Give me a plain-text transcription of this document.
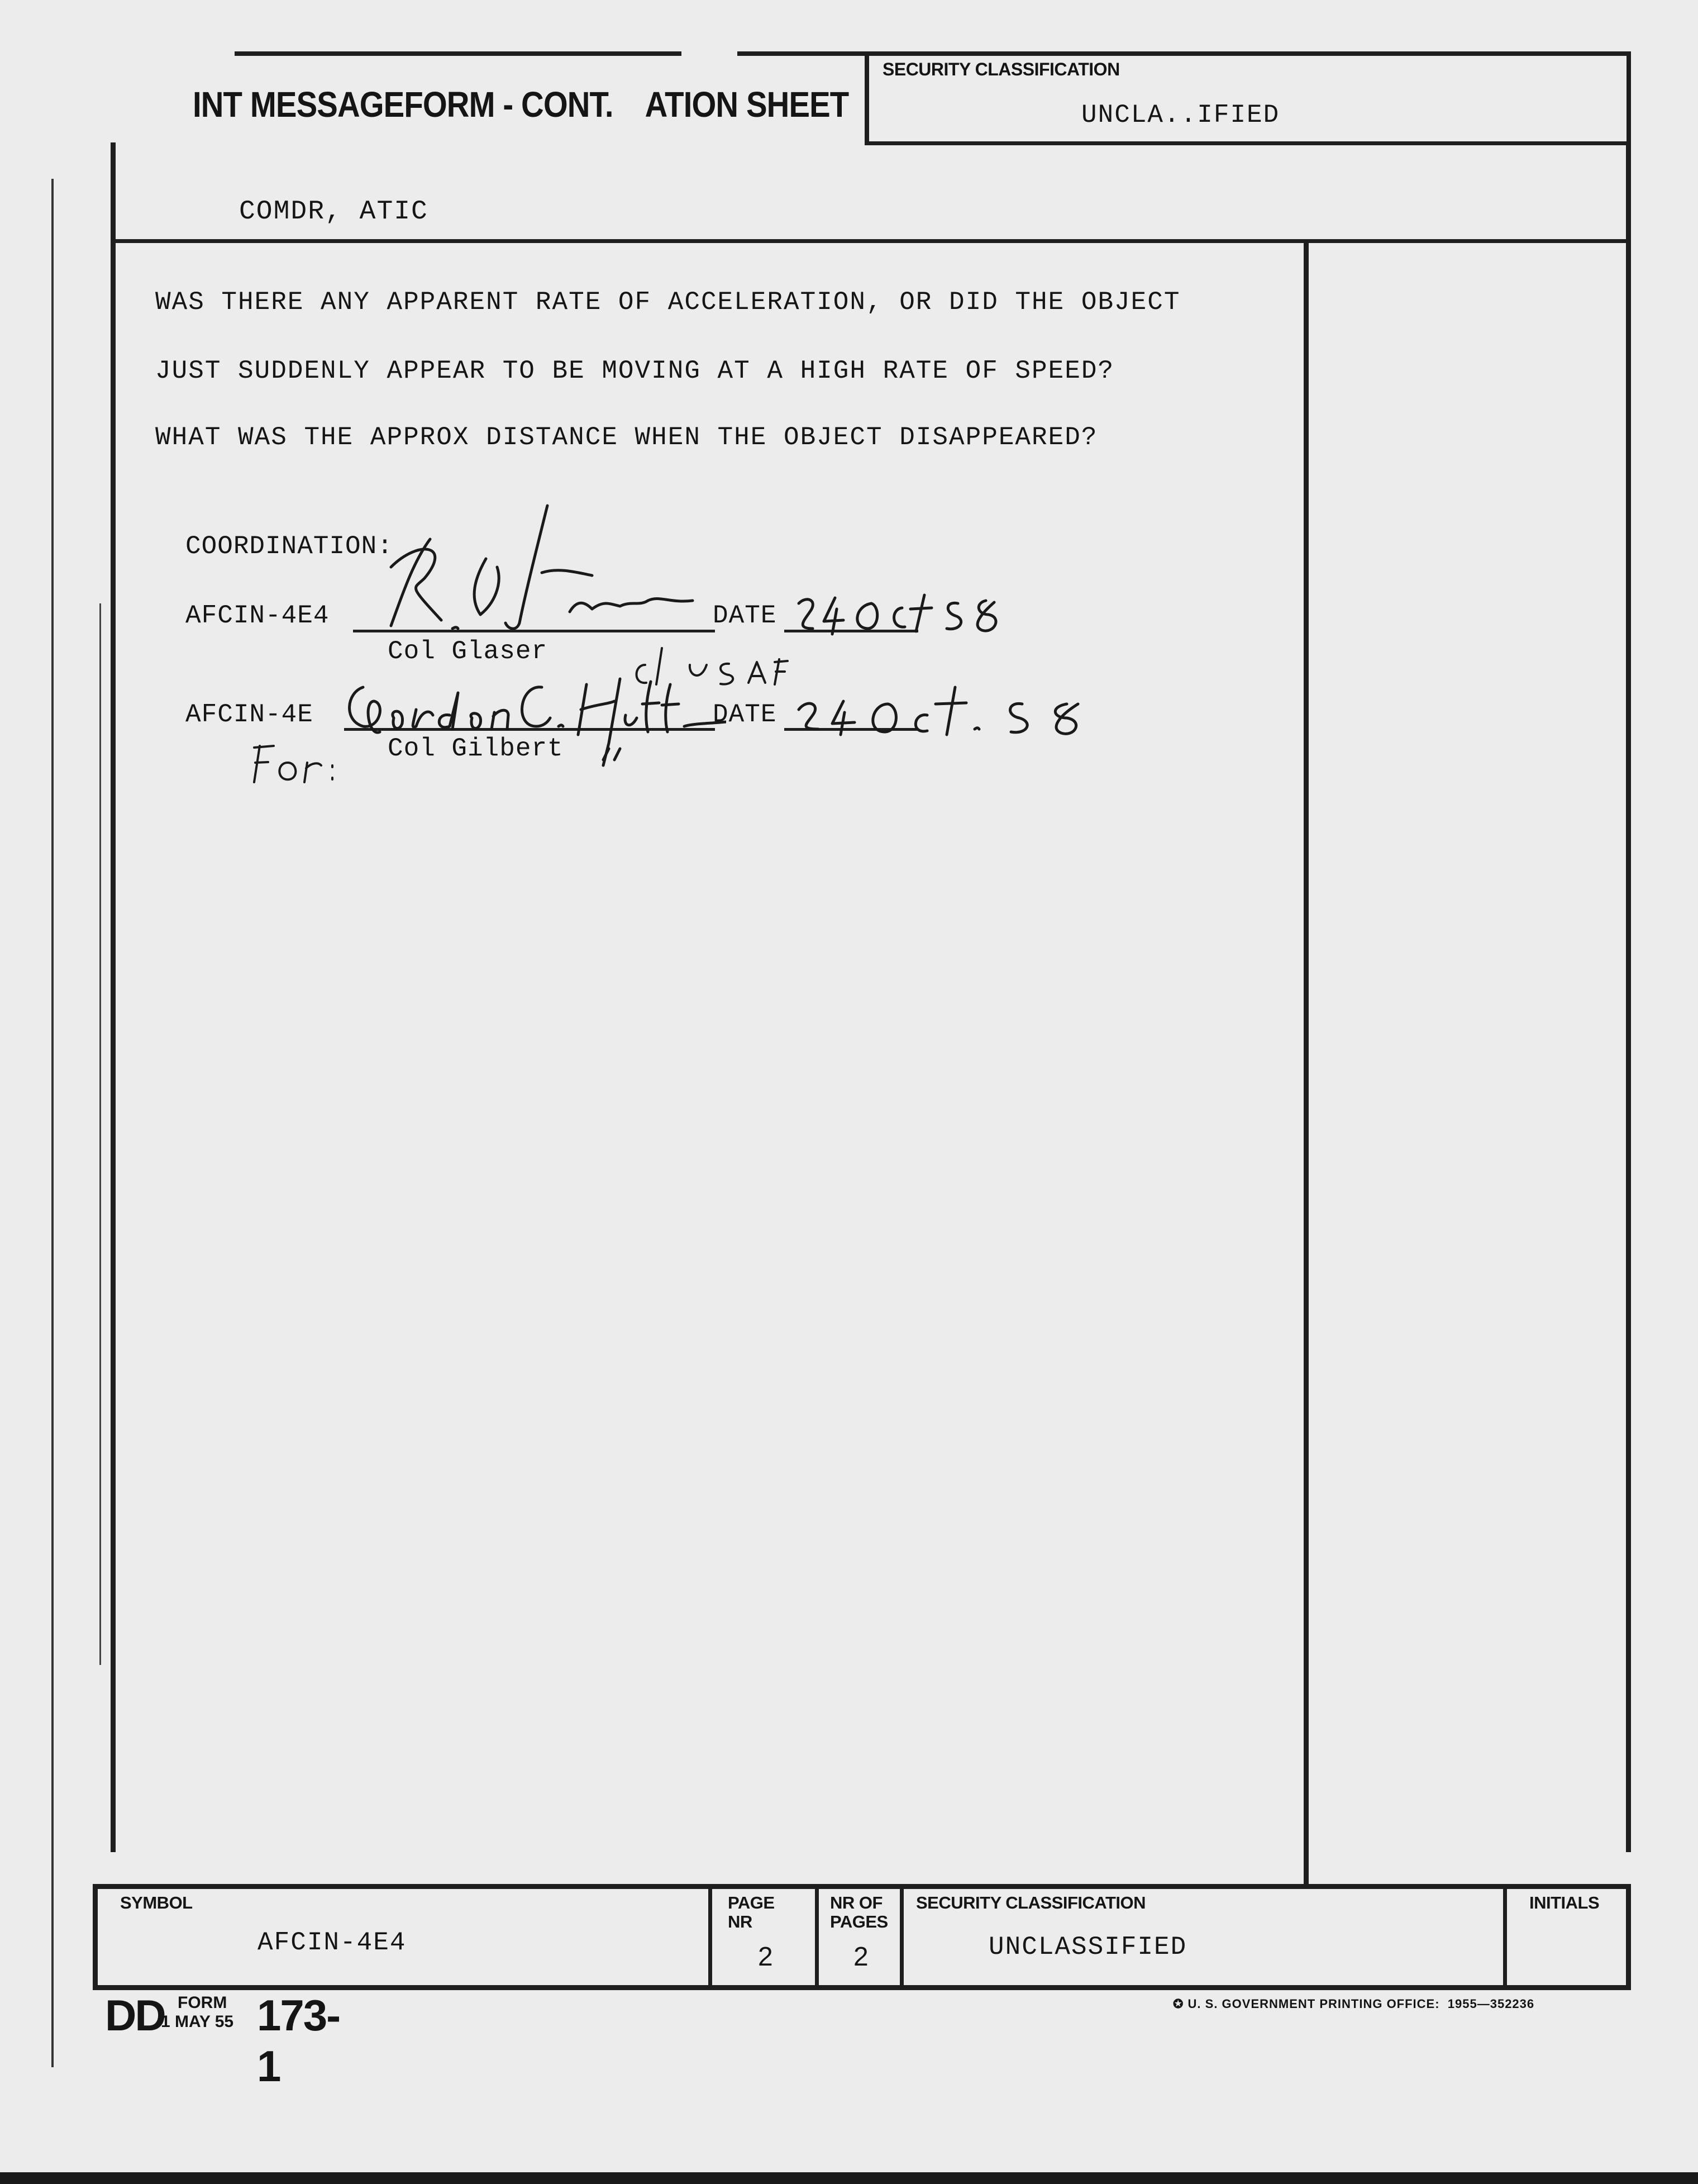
INT MESSAGEFORM - CONT.    ATION SHEET
SECURITY CLASSIFICATION
UNCLA..IFIED
COMDR, ATIC
WAS THERE ANY APPARENT RATE OF ACCELERATION, OR DID THE OBJECT
JUST SUDDENLY APPEAR TO BE MOVING AT A HIGH RATE OF SPEED?
WHAT WAS THE APPROX DISTANCE WHEN THE OBJECT DISAPPEARED?
COORDINATION:
AFCIN-4E4	DATE
Col Glaser
AFCIN-4E	DATE
Col Gilbert
SYMBOL
AFCIN-4E4
PAGE
NR
2
NR OF
PAGES
2
SECURITY CLASSIFICATION
UNCLASSIFIED
INITIALS
DD FORM
1 MAY 55 173-1
✪ U. S. GOVERNMENT PRINTING OFFICE:  1955—352236
